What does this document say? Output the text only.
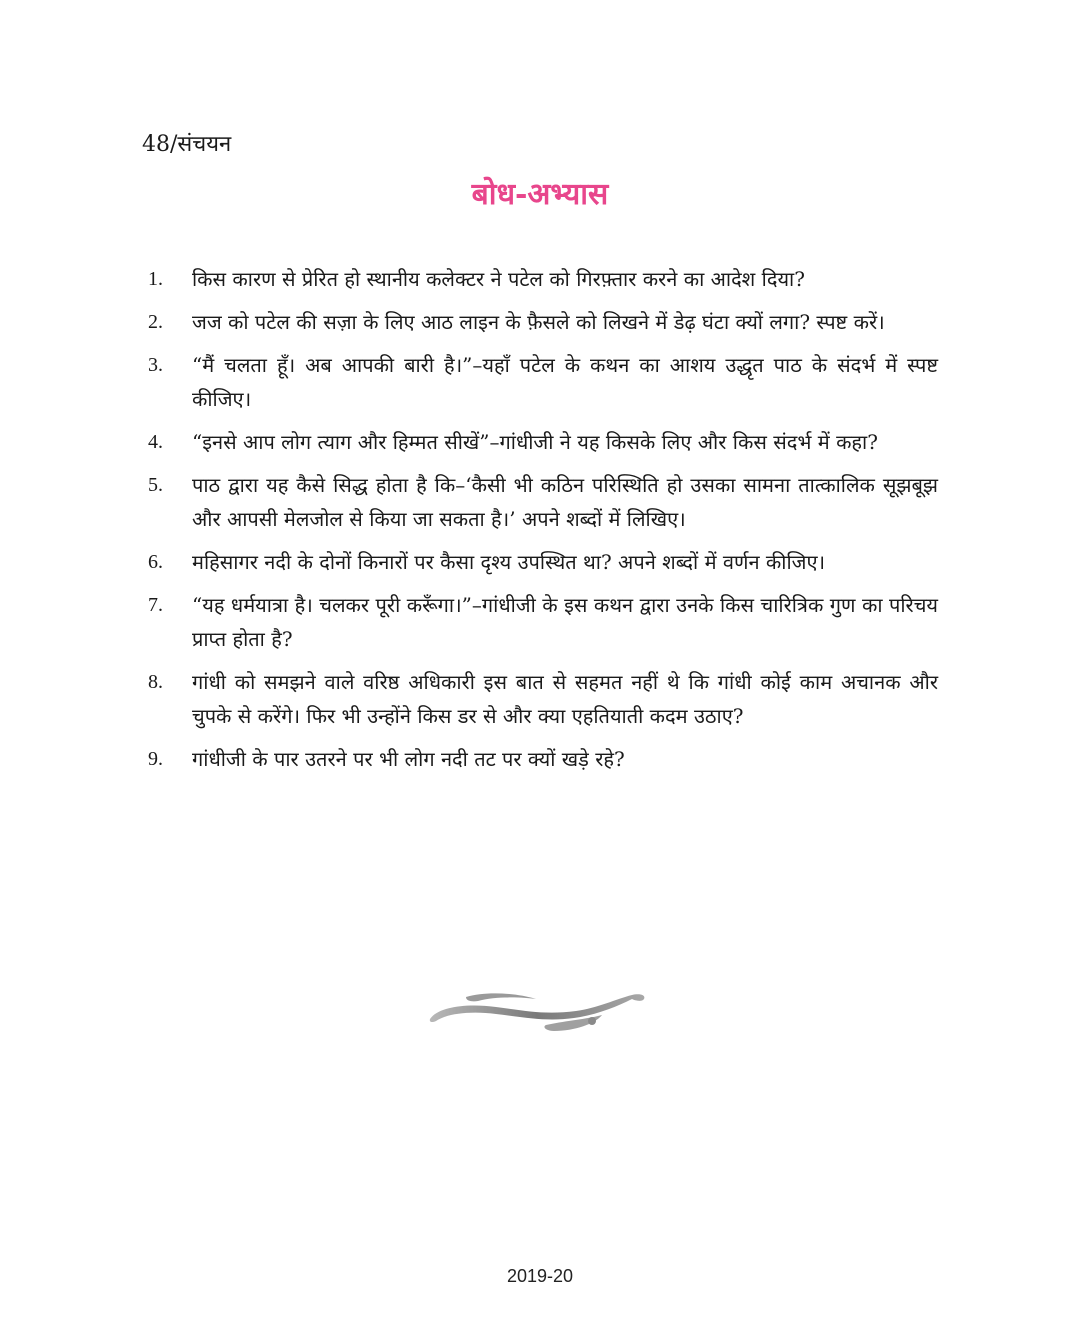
48/संचयन
बोध-अभ्यास
1.	किस कारण से प्रेरित हो स्थानीय कलेक्टर ने पटेल को गिरफ़्तार करने का आदेश दिया?
2.	जज को पटेल की सज़ा के लिए आठ लाइन के फ़ैसले को लिखने में डेढ़ घंटा क्यों लगा? स्पष्ट करें।
3.	“मैं चलता हूँ। अब आपकी बारी है।”–यहाँ पटेल के कथन का आशय उद्धृत पाठ के संदर्भ में स्पष्ट कीजिए।
4.	“इनसे आप लोग त्याग और हिम्मत सीखें”–गांधीजी ने यह किसके लिए और किस संदर्भ में कहा?
5.	पाठ द्वारा यह कैसे सिद्ध होता है कि–‘कैसी भी कठिन परिस्थिति हो उसका सामना तात्कालिक सूझबूझ और आपसी मेलजोल से किया जा सकता है।’ अपने शब्दों में लिखिए।
6.	महिसागर नदी के दोनों किनारों पर कैसा दृश्य उपस्थित था? अपने शब्दों में वर्णन कीजिए।
7.	“यह धर्मयात्रा है। चलकर पूरी करूँगा।”–गांधीजी के इस कथन द्वारा उनके किस चारित्रिक गुण का परिचय प्राप्त होता है?
8.	गांधी को समझने वाले वरिष्ठ अधिकारी इस बात से सहमत नहीं थे कि गांधी कोई काम अचानक और चुपके से करेंगे। फिर भी उन्होंने किस डर से और क्या एहतियाती कदम उठाए?
9.	गांधीजी के पार उतरने पर भी लोग नदी तट पर क्यों खड़े रहे?
2019-20
